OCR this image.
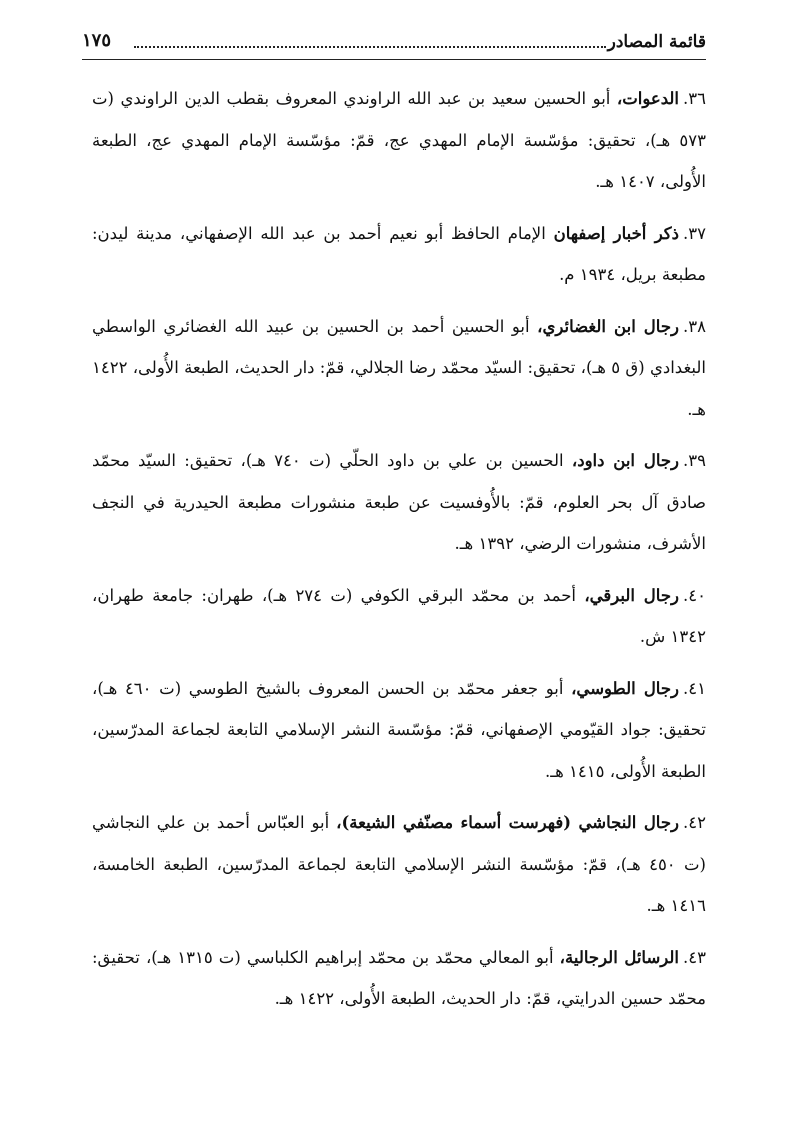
قائمة المصادر
١٧٥

٣٦.الدعوات، أبو الحسين سعيد بن عبد الله الراوندي المعروف بقطب الدين الراوندي (ت ٥٧٣ هـ)، تحقيق: مؤسّسة الإمام المهدي عج، قمّ: مؤسّسة الإمام المهدي عج، الطبعة الأُولى، ١٤٠٧ هـ.

٣٧.ذكر أخبار إصفهان الإمام الحافظ أبو نعيم أحمد بن عبد الله الإصفهاني، مدينة ليدن: مطبعة بريل، ١٩٣٤ م.

٣٨.رجال ابن الغضائري، أبو الحسين أحمد بن الحسين بن عبيد الله الغضائري الواسطي البغدادي (ق ٥ هـ)، تحقيق: السيّد محمّد رضا الجلالي، قمّ: دار الحديث، الطبعة الأُولى، ١٤٢٢ هـ.

٣٩.رجال ابن داود، الحسين بن علي بن داود الحلّي (ت ٧٤٠ هـ)، تحقيق: السيّد محمّد صادق آل بحر العلوم، قمّ: بالأُوفسيت عن طبعة منشورات مطبعة الحيدرية في النجف الأشرف، منشورات الرضي، ١٣٩٢ هـ.

٤٠.رجال البرقي، أحمد بن محمّد البرقي الكوفي (ت ٢٧٤ هـ)، طهران: جامعة طهران، ١٣٤٢ ش.

٤١.رجال الطوسي، أبو جعفر محمّد بن الحسن المعروف بالشيخ الطوسي (ت ٤٦٠ هـ)، تحقيق: جواد القيّومي الإصفهاني، قمّ: مؤسّسة النشر الإسلامي التابعة لجماعة المدرّسين، الطبعة الأُولى، ١٤١٥ هـ.

٤٢.رجال النجاشي (فهرست أسماء مصنّفي الشيعة)، أبو العبّاس أحمد بن علي النجاشي (ت ٤٥٠ هـ)، قمّ: مؤسّسة النشر الإسلامي التابعة لجماعة المدرّسين، الطبعة الخامسة، ١٤١٦ هـ.

٤٣.الرسائل الرجالية، أبو المعالي محمّد بن محمّد إبراهيم الكلباسي (ت ١٣١٥ هـ)، تحقيق: محمّد حسين الدرايتي، قمّ: دار الحديث، الطبعة الأُولى، ١٤٢٢ هـ.
